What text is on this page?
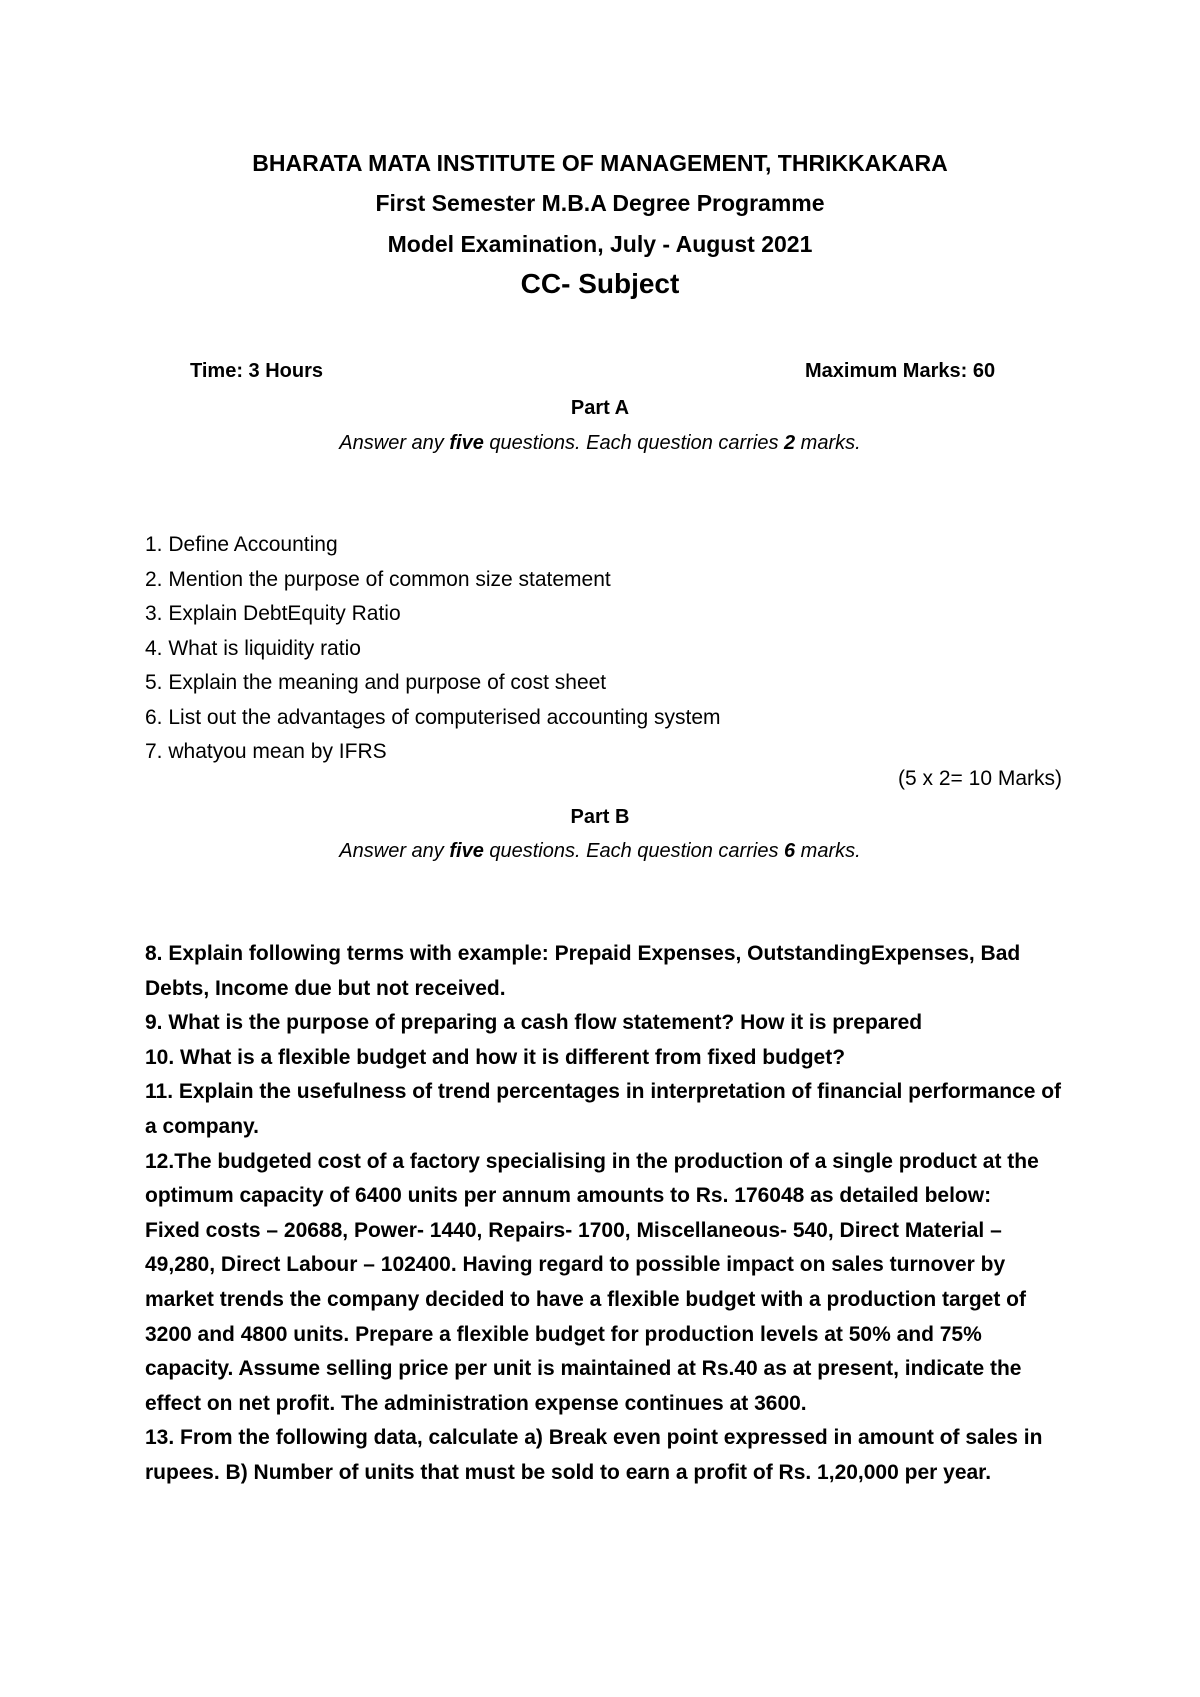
BHARATA MATA INSTITUTE OF MANAGEMENT, THRIKKAKARA
First Semester M.B.A Degree Programme
Model Examination, July - August 2021
CC- Subject
Time: 3 Hours	Maximum Marks: 60
Part A
Answer any five questions. Each question carries 2 marks.
1. Define Accounting
2. Mention the purpose of common size statement
3. Explain DebtEquity Ratio
4. What is liquidity ratio
5. Explain the meaning and purpose of cost sheet
6. List out the advantages of computerised accounting system
7. whatyou mean by IFRS
(5 x 2= 10 Marks)
Part B
Answer any five questions. Each question carries 6 marks.
8. Explain following terms with example: Prepaid Expenses, OutstandingExpenses, Bad
Debts, Income due but not received.
9. What is the purpose of preparing a cash flow statement? How it is prepared
10. What is a flexible budget and how it is different from fixed budget?
11. Explain the usefulness of trend percentages in interpretation of financial performance of
a company.
12.The budgeted cost of a factory specialising in the production of a single product at the
optimum capacity of 6400 units per annum amounts to Rs. 176048 as detailed below:
Fixed costs – 20688, Power- 1440, Repairs- 1700, Miscellaneous- 540, Direct Material –
49,280, Direct Labour – 102400. Having regard to possible impact on sales turnover by
market trends the company decided to have a flexible budget with a production target of
3200 and 4800 units. Prepare a flexible budget for production levels at 50% and 75%
capacity. Assume selling price per unit is maintained at Rs.40 as at present, indicate the
effect on net profit. The administration expense continues at 3600.
13. From the following data, calculate a) Break even point expressed in amount of sales in
rupees. B) Number of units that must be sold to earn a profit of Rs. 1,20,000 per year.
